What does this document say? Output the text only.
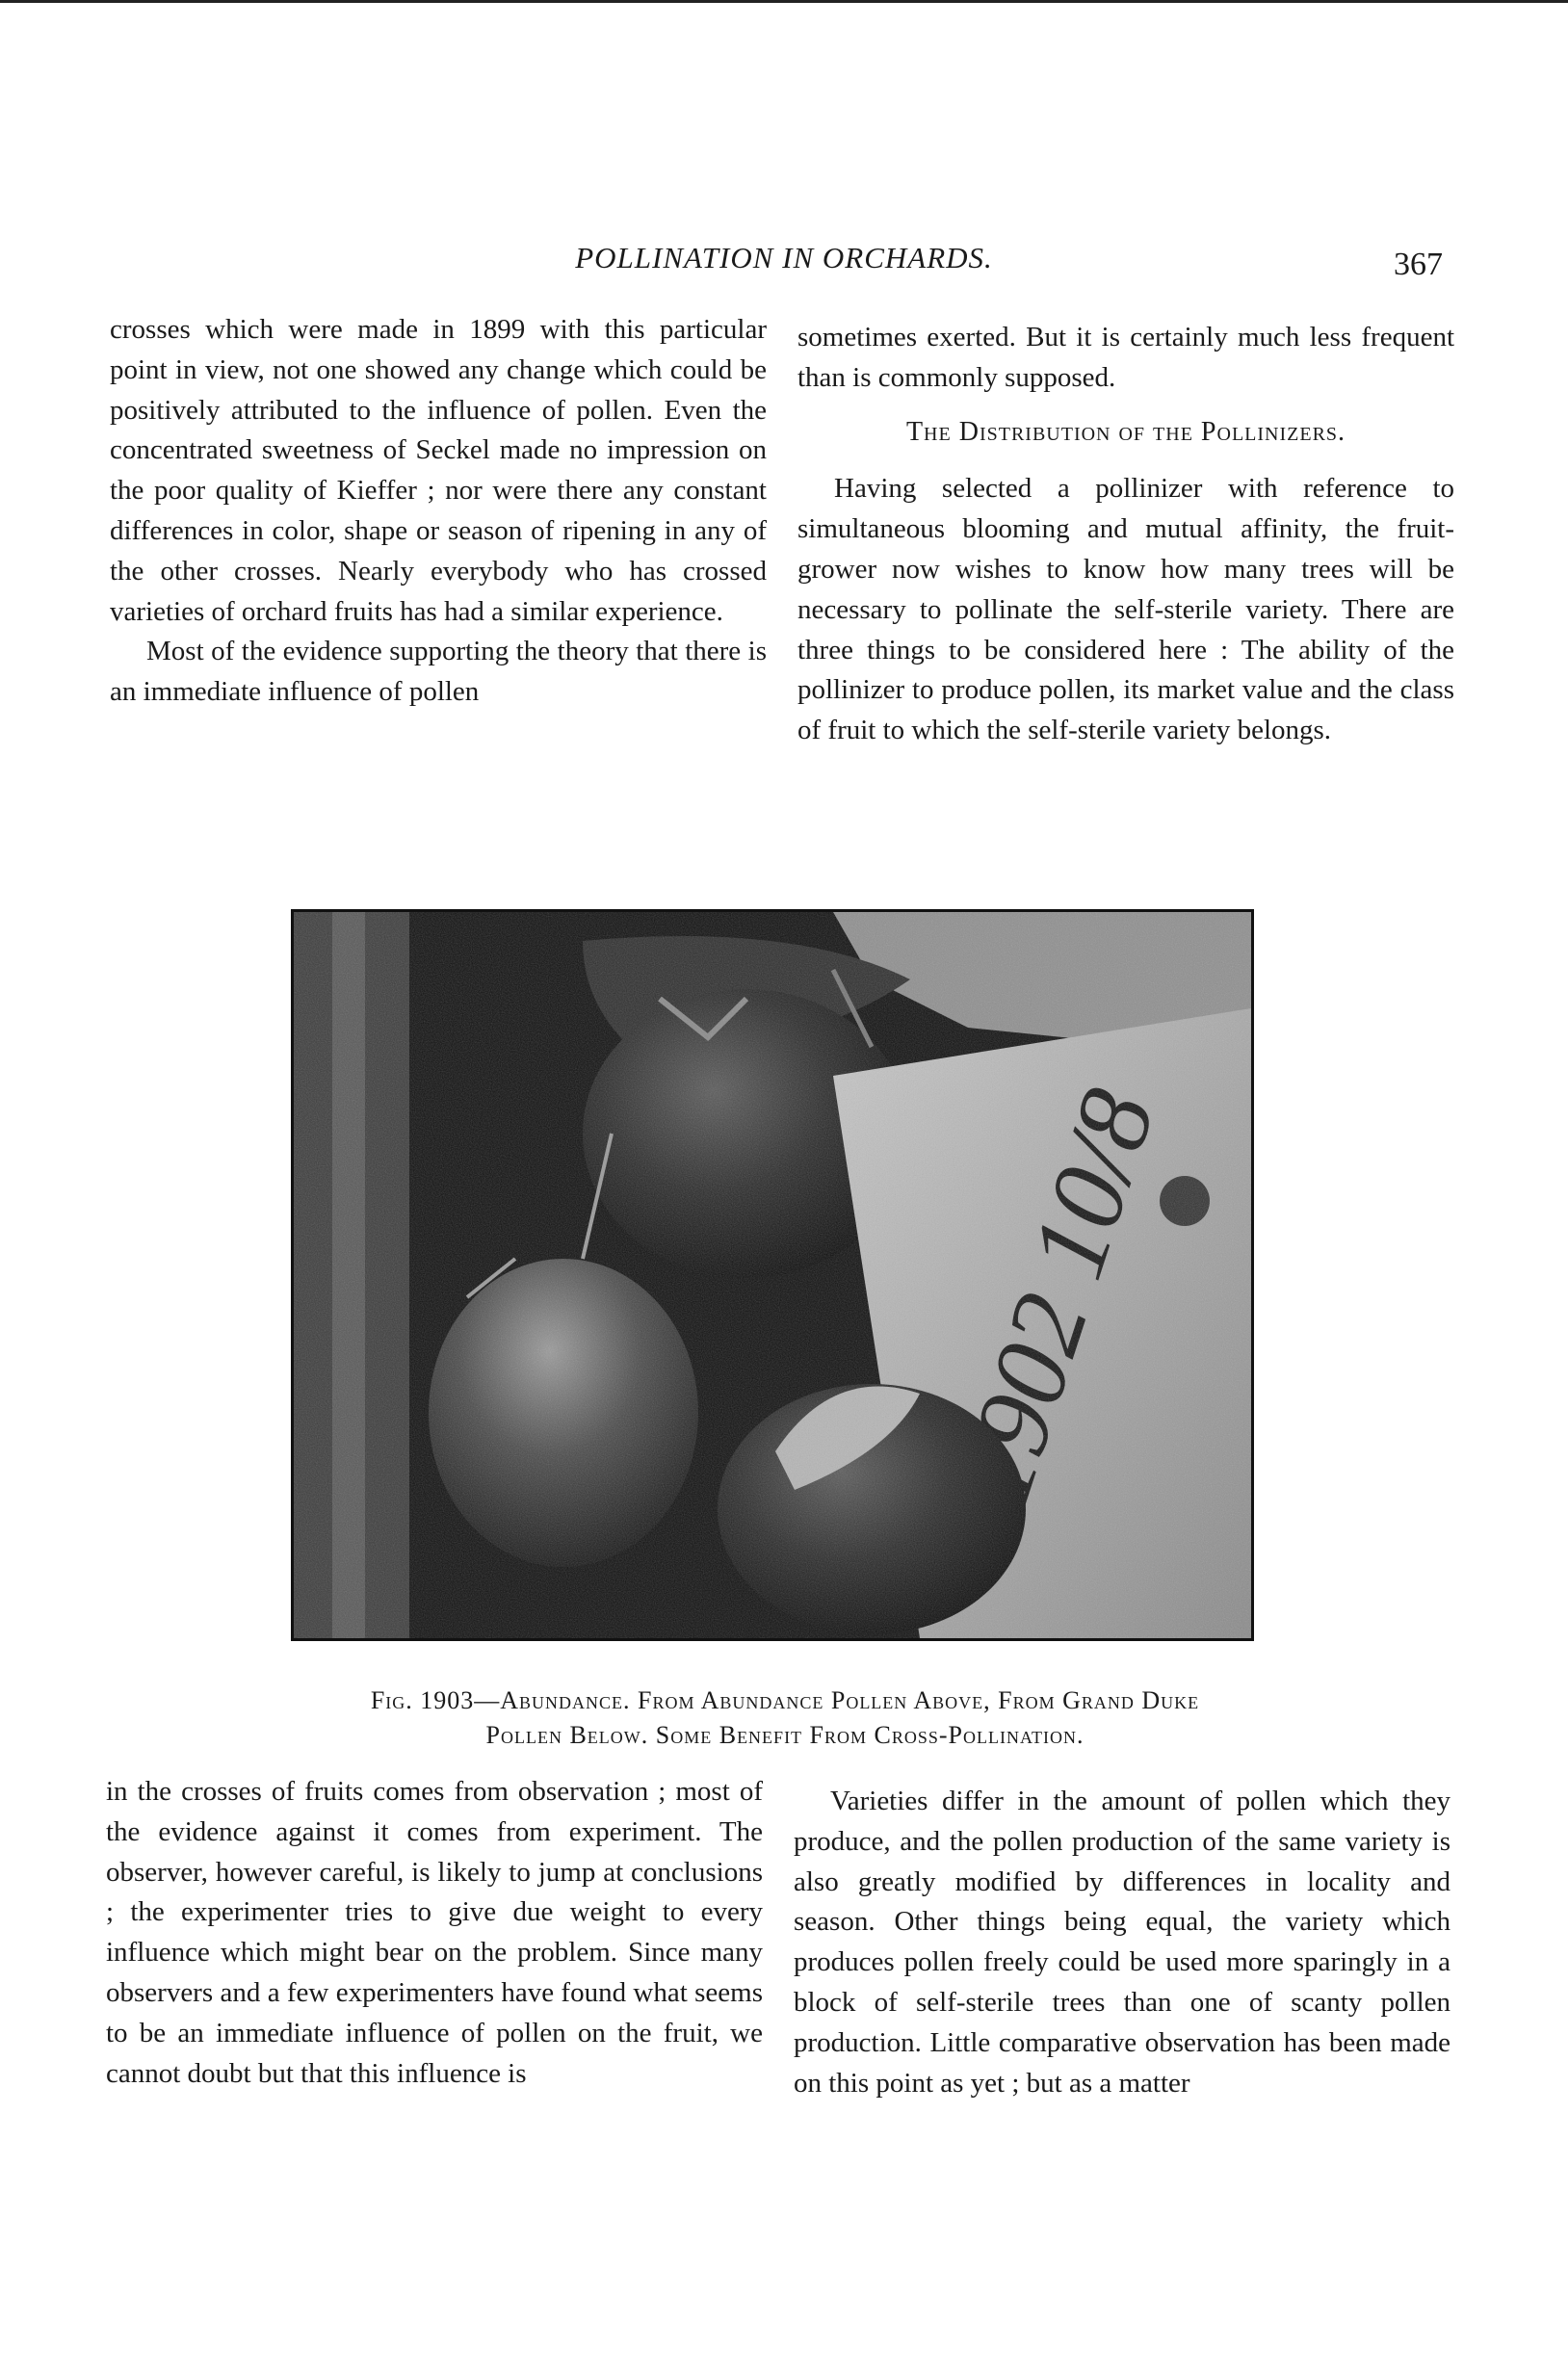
POLLINATION IN ORCHARDS.	367

crosses which were made in 1899 with this particular point in view, not one showed any change which could be positively attributed to the influence of pollen. Even the concentrated sweetness of Seckel made no impression on the poor quality of Kieffer ; nor were there any constant differences in color, shape or season of ripening in any of the other crosses. Nearly everybody who has crossed varieties of orchard fruits has had a similar experience.

Most of the evidence supporting the theory that there is an immediate influence of pollen

sometimes exerted. But it is certainly much less frequent than is commonly supposed.

The Distribution of the Pollinizers.

Having selected a pollinizer with reference to simultaneous blooming and mutual affinity, the fruit-grower now wishes to know how many trees will be necessary to pollinate the self-sterile variety. There are three things to be considered here : The ability of the pollinizer to produce pollen, its market value and the class of fruit to which the self-sterile variety belongs.

Fig. 1903—Abundance. From Abundance Pollen Above, From Grand Duke
Pollen Below. Some Benefit From Cross-Pollination.

in the crosses of fruits comes from observation ; most of the evidence against it comes from experiment. The observer, however careful, is likely to jump at conclusions ; the experimenter tries to give due weight to every influence which might bear on the problem. Since many observers and a few experimenters have found what seems to be an immediate influence of pollen on the fruit, we cannot doubt but that this influence is

Varieties differ in the amount of pollen which they produce, and the pollen production of the same variety is also greatly modified by differences in locality and season. Other things being equal, the variety which produces pollen freely could be used more sparingly in a block of self-sterile trees than one of scanty pollen production. Little comparative observation has been made on this point as yet ; but as a matter
